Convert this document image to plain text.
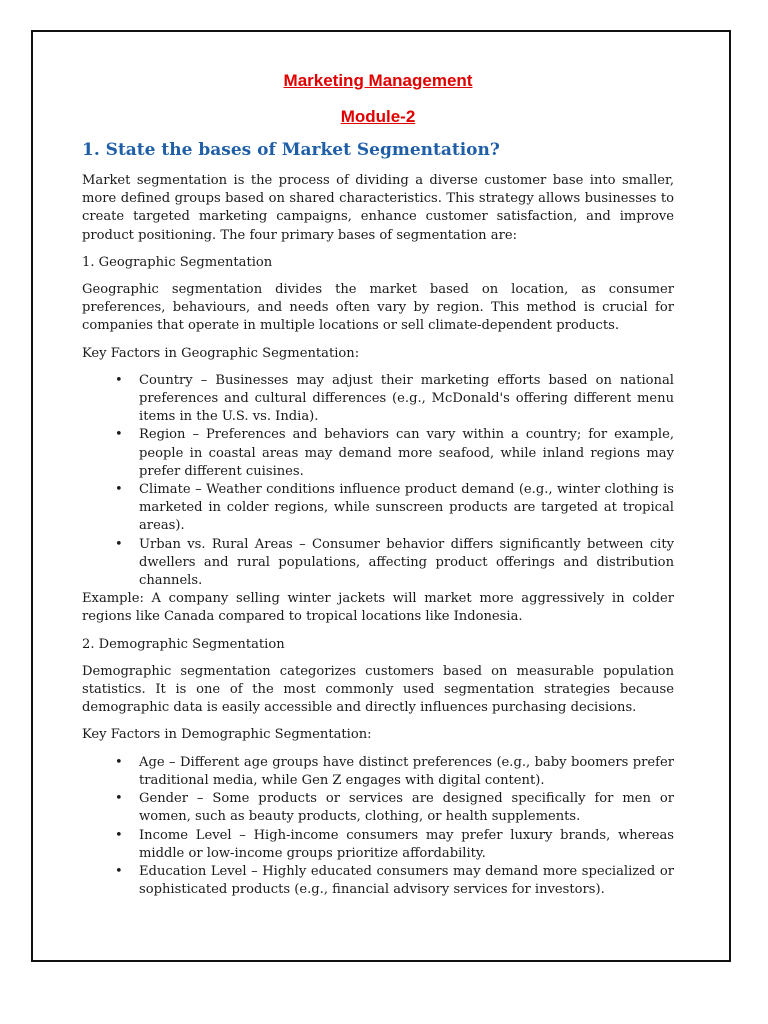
Marketing Management

Module-2

1. State the bases of Market Segmentation?

Market segmentation is the process of dividing a diverse customer base into smaller, more defined groups based on shared characteristics. This strategy allows businesses to create targeted marketing campaigns, enhance customer satisfaction, and improve product positioning. The four primary bases of segmentation are:

1. Geographic Segmentation

Geographic segmentation divides the market based on location, as consumer preferences, behaviours, and needs often vary by region. This method is crucial for companies that operate in multiple locations or sell climate-dependent products.

Key Factors in Geographic Segmentation:

• Country – Businesses may adjust their marketing efforts based on national preferences and cultural differences (e.g., McDonald's offering different menu items in the U.S. vs. India).
• Region – Preferences and behaviors can vary within a country; for example, people in coastal areas may demand more seafood, while inland regions may prefer different cuisines.
• Climate – Weather conditions influence product demand (e.g., winter clothing is marketed in colder regions, while sunscreen products are targeted at tropical areas).
• Urban vs. Rural Areas – Consumer behavior differs significantly between city dwellers and rural populations, affecting product offerings and distribution channels.

Example: A company selling winter jackets will market more aggressively in colder regions like Canada compared to tropical locations like Indonesia.

2. Demographic Segmentation

Demographic segmentation categorizes customers based on measurable population statistics. It is one of the most commonly used segmentation strategies because demographic data is easily accessible and directly influences purchasing decisions.

Key Factors in Demographic Segmentation:

• Age – Different age groups have distinct preferences (e.g., baby boomers prefer traditional media, while Gen Z engages with digital content).
• Gender – Some products or services are designed specifically for men or women, such as beauty products, clothing, or health supplements.
• Income Level – High-income consumers may prefer luxury brands, whereas middle or low-income groups prioritize affordability.
• Education Level – Highly educated consumers may demand more specialized or sophisticated products (e.g., financial advisory services for investors).
